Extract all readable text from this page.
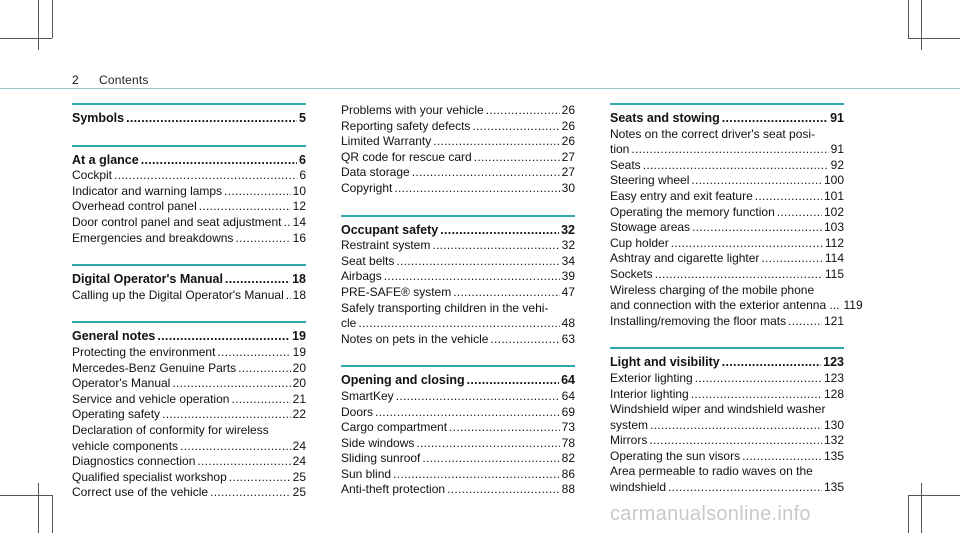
2 Contents
Symbols .....	5
At a glance .....	6
Cockpit .....	6
Indicator and warning lamps .....	10
Overhead control panel .....	12
Door control panel and seat adjustment ..... 14
Emergencies and breakdowns .....	16
Digital Operator's Manual .....	18
Calling up the Digital Operator's Manual ..... 18
General notes .....	19
Protecting the environment .....	19
Mercedes-Benz Genuine Parts .....	20
Operator's Manual .....	20
Service and vehicle operation .....	21
Operating safety .....	22
Declaration of conformity for wireless
vehicle components .....	24
Diagnostics connection .....	24
Qualified specialist workshop .....	25
Correct use of the vehicle .....	25
Problems with your vehicle .....	26
Reporting safety defects .....	26
Limited Warranty .....	26
QR code for rescue card .....	27
Data storage .....	27
Copyright .....	30
Occupant safety .....	32
Restraint system .....	32
Seat belts .....	34
Airbags .....	39
PRE-SAFE® system .....	47
Safely transporting children in the vehi-
cle .....	48
Notes on pets in the vehicle .....	63
Opening and closing .....	64
SmartKey .....	64
Doors .....	69
Cargo compartment .....	73
Side windows .....	78
Sliding sunroof .....	82
Sun blind .....	86
Anti-theft protection .....	88
Seats and stowing .....	91
Notes on the correct driver's seat posi-
tion .....	91
Seats .....	92
Steering wheel .....	100
Easy entry and exit feature .....	101
Operating the memory function .....	102
Stowage areas .....	103
Cup holder .....	112
Ashtray and cigarette lighter .....	114
Sockets .....	115
Wireless charging of the mobile phone
and connection with the exterior antenna ... 119
Installing/removing the floor mats .....	121
Light and visibility .....	123
Exterior lighting .....	123
Interior lighting .....	128
Windshield wiper and windshield washer
system .....	130
Mirrors .....	132
Operating the sun visors .....	135
Area permeable to radio waves on the
windshield .....	135
carmanualsonline.info
